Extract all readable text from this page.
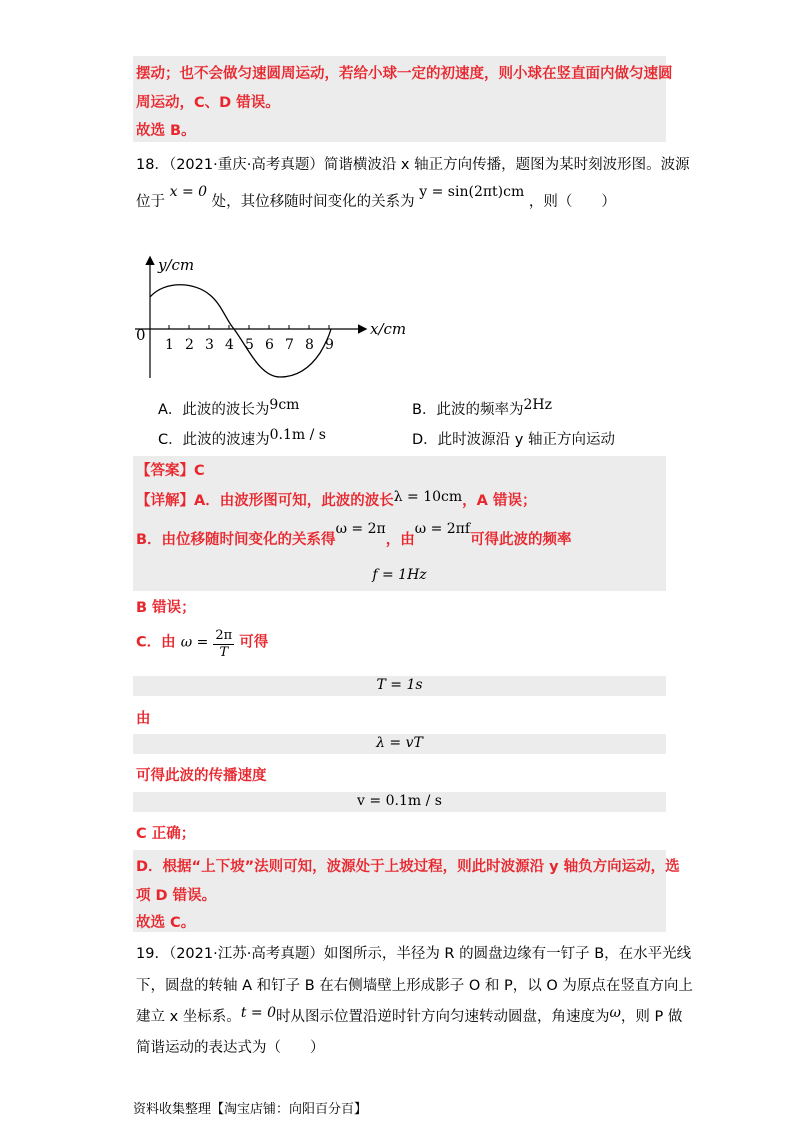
摆动；也不会做匀速圆周运动，若给小球一定的初速度，则小球在竖直面内做匀速圆
周运动，C、D 错误。
故选 B。
18．（2021·重庆·高考真题）简谐横波沿 x 轴正方向传播，题图为某时刻波形图。波源
位于 x = 0 处，其位移随时间变化的关系为 y = sin(2πt)cm ，则（　　）
y/cm
x/cm
0
1 2 3 4 5 6 7 8 9
A．此波的波长为9cm	B．此波的频率为2Hz
C．此波的波速为0.1m / s	D．此时波源沿 y 轴正方向运动
【答案】C
【详解】A．由波形图可知，此波的波长λ = 10cm，A 错误；
B．由位移随时间变化的关系得ω = 2π，由ω = 2πf可得此波的频率
f = 1Hz
B 错误；
C．由 $\omega = \frac{2\pi}{T}$ 可得
T = 1s
由
λ = vT
可得此波的传播速度
v = 0.1m / s
C 正确；
D．根据“上下坡”法则可知，波源处于上坡过程，则此时波源沿 y 轴负方向运动，选
项 D 错误。
故选 C。
19．（2021·江苏·高考真题）如图所示，半径为 R 的圆盘边缘有一钉子 B，在水平光线
下，圆盘的转轴 A 和钉子 B 在右侧墙壁上形成影子 O 和 P，以 O 为原点在竖直方向上
建立 x 坐标系。t = 0时从图示位置沿逆时针方向匀速转动圆盘，角速度为ω，则 P 做
简谐运动的表达式为（　　）
资料收集整理【淘宝店铺：向阳百分百】
